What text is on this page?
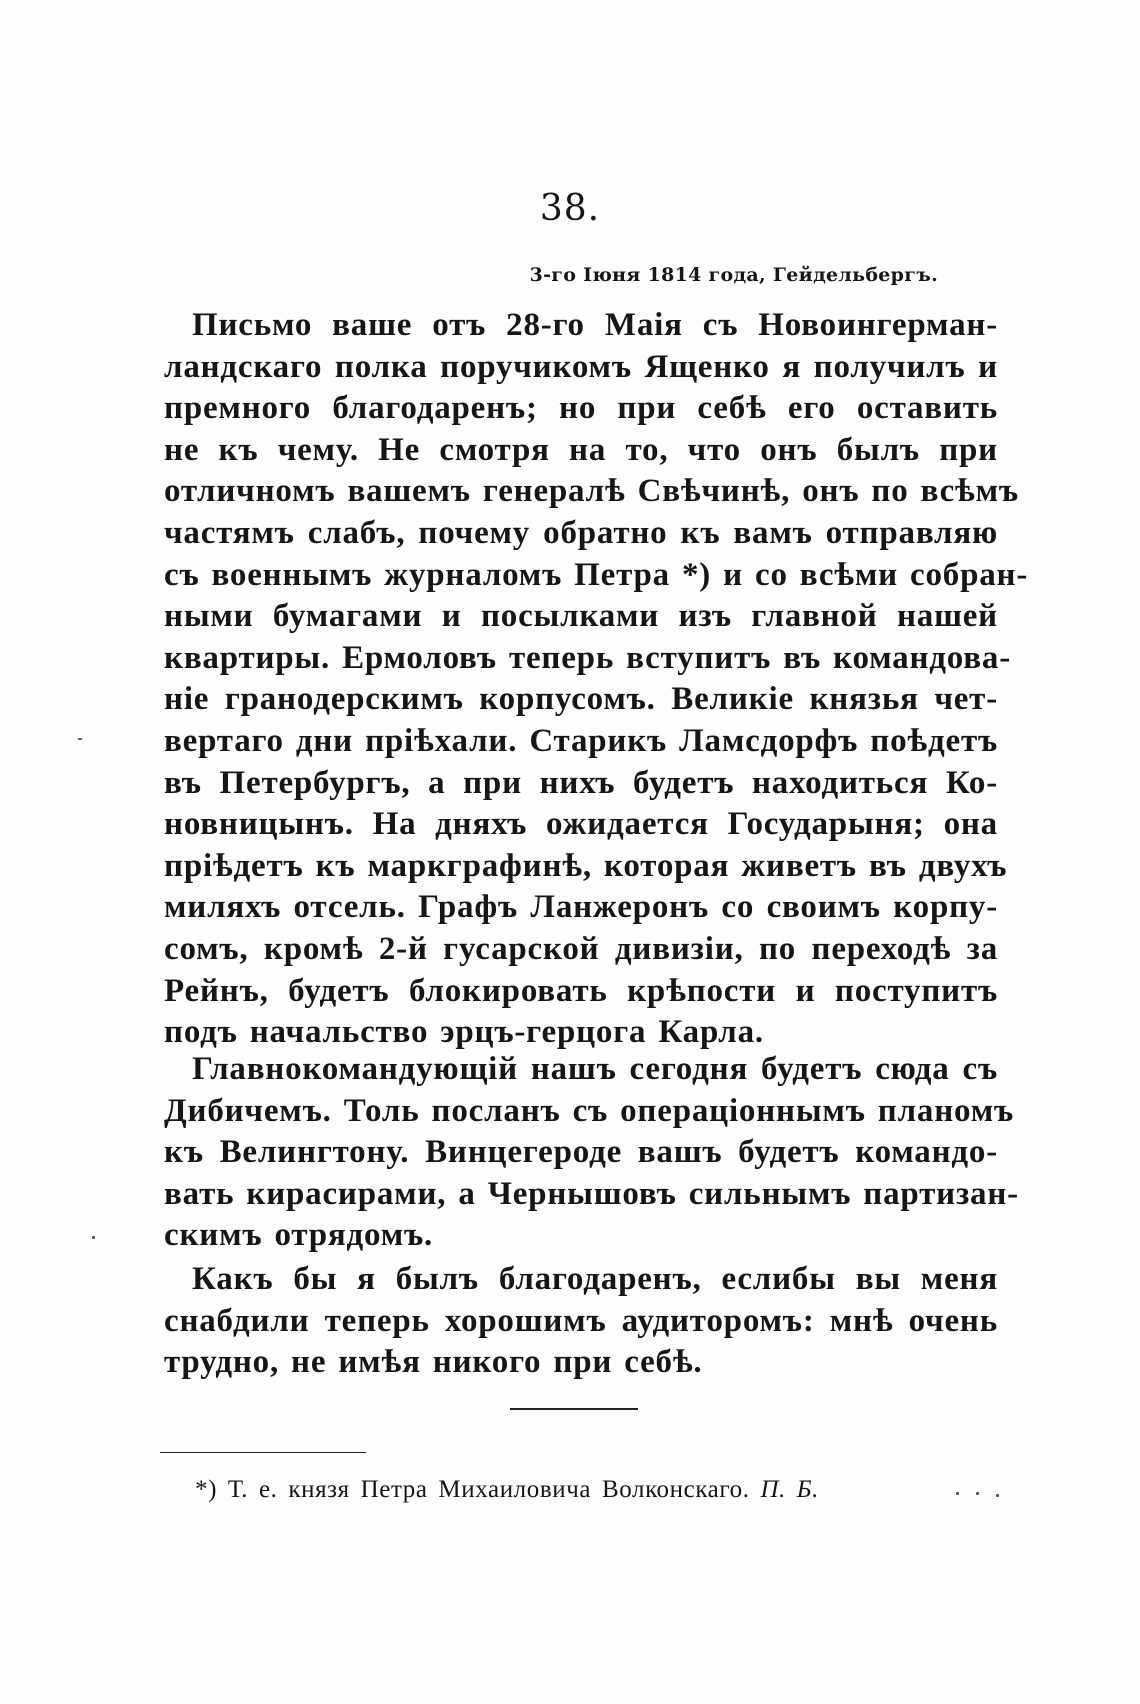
38.
3-го Іюня 1814 года, Гейдельбергъ.
Письмо ваше отъ 28-го Маія съ Новоингерман-
ландскаго полка поручикомъ Ященко я получилъ и
премного благодаренъ; но при себѣ его оставить
не къ чему. Не смотря на то, что онъ былъ при
отличномъ вашемъ генералѣ Свѣчинѣ, онъ по всѣмъ
частямъ слабъ, почему обратно къ вамъ отправляю
съ военнымъ журналомъ Петра *) и со всѣми собран-
ными бумагами и посылками изъ главной нашей
квартиры. Ермоловъ теперь вступитъ въ командова-
ніе гранодерскимъ корпусомъ. Великіе князья чет-
вертаго дни пріѣхали. Старикъ Ламсдорфъ поѣдетъ
въ Петербургъ, а при нихъ будетъ находиться Ко-
новницынъ. На дняхъ ожидается Государыня; она
пріѣдетъ къ маркграфинѣ, которая живетъ въ двухъ
миляхъ отсель. Графъ Ланжеронъ со своимъ корпу-
сомъ, кромѣ 2-й гусарской дивизіи, по переходѣ за
Рейнъ, будетъ блокировать крѣпости и поступитъ
подъ начальство эрцъ-герцога Карла.
Главнокомандующій нашъ сегодня будетъ сюда съ
Дибичемъ. Толь посланъ съ операціоннымъ планомъ
къ Велингтону. Винцегероде вашъ будетъ командо-
вать кирасирами, а Чернышовъ сильнымъ партизан-
скимъ отрядомъ.
Какъ бы я былъ благодаренъ, еслибы вы меня
снабдили теперь хорошимъ аудиторомъ: мнѣ очень
трудно, не имѣя никого при себѣ.
*) Т. е. князя Петра Михаиловича Волконскаго. П. Б.
